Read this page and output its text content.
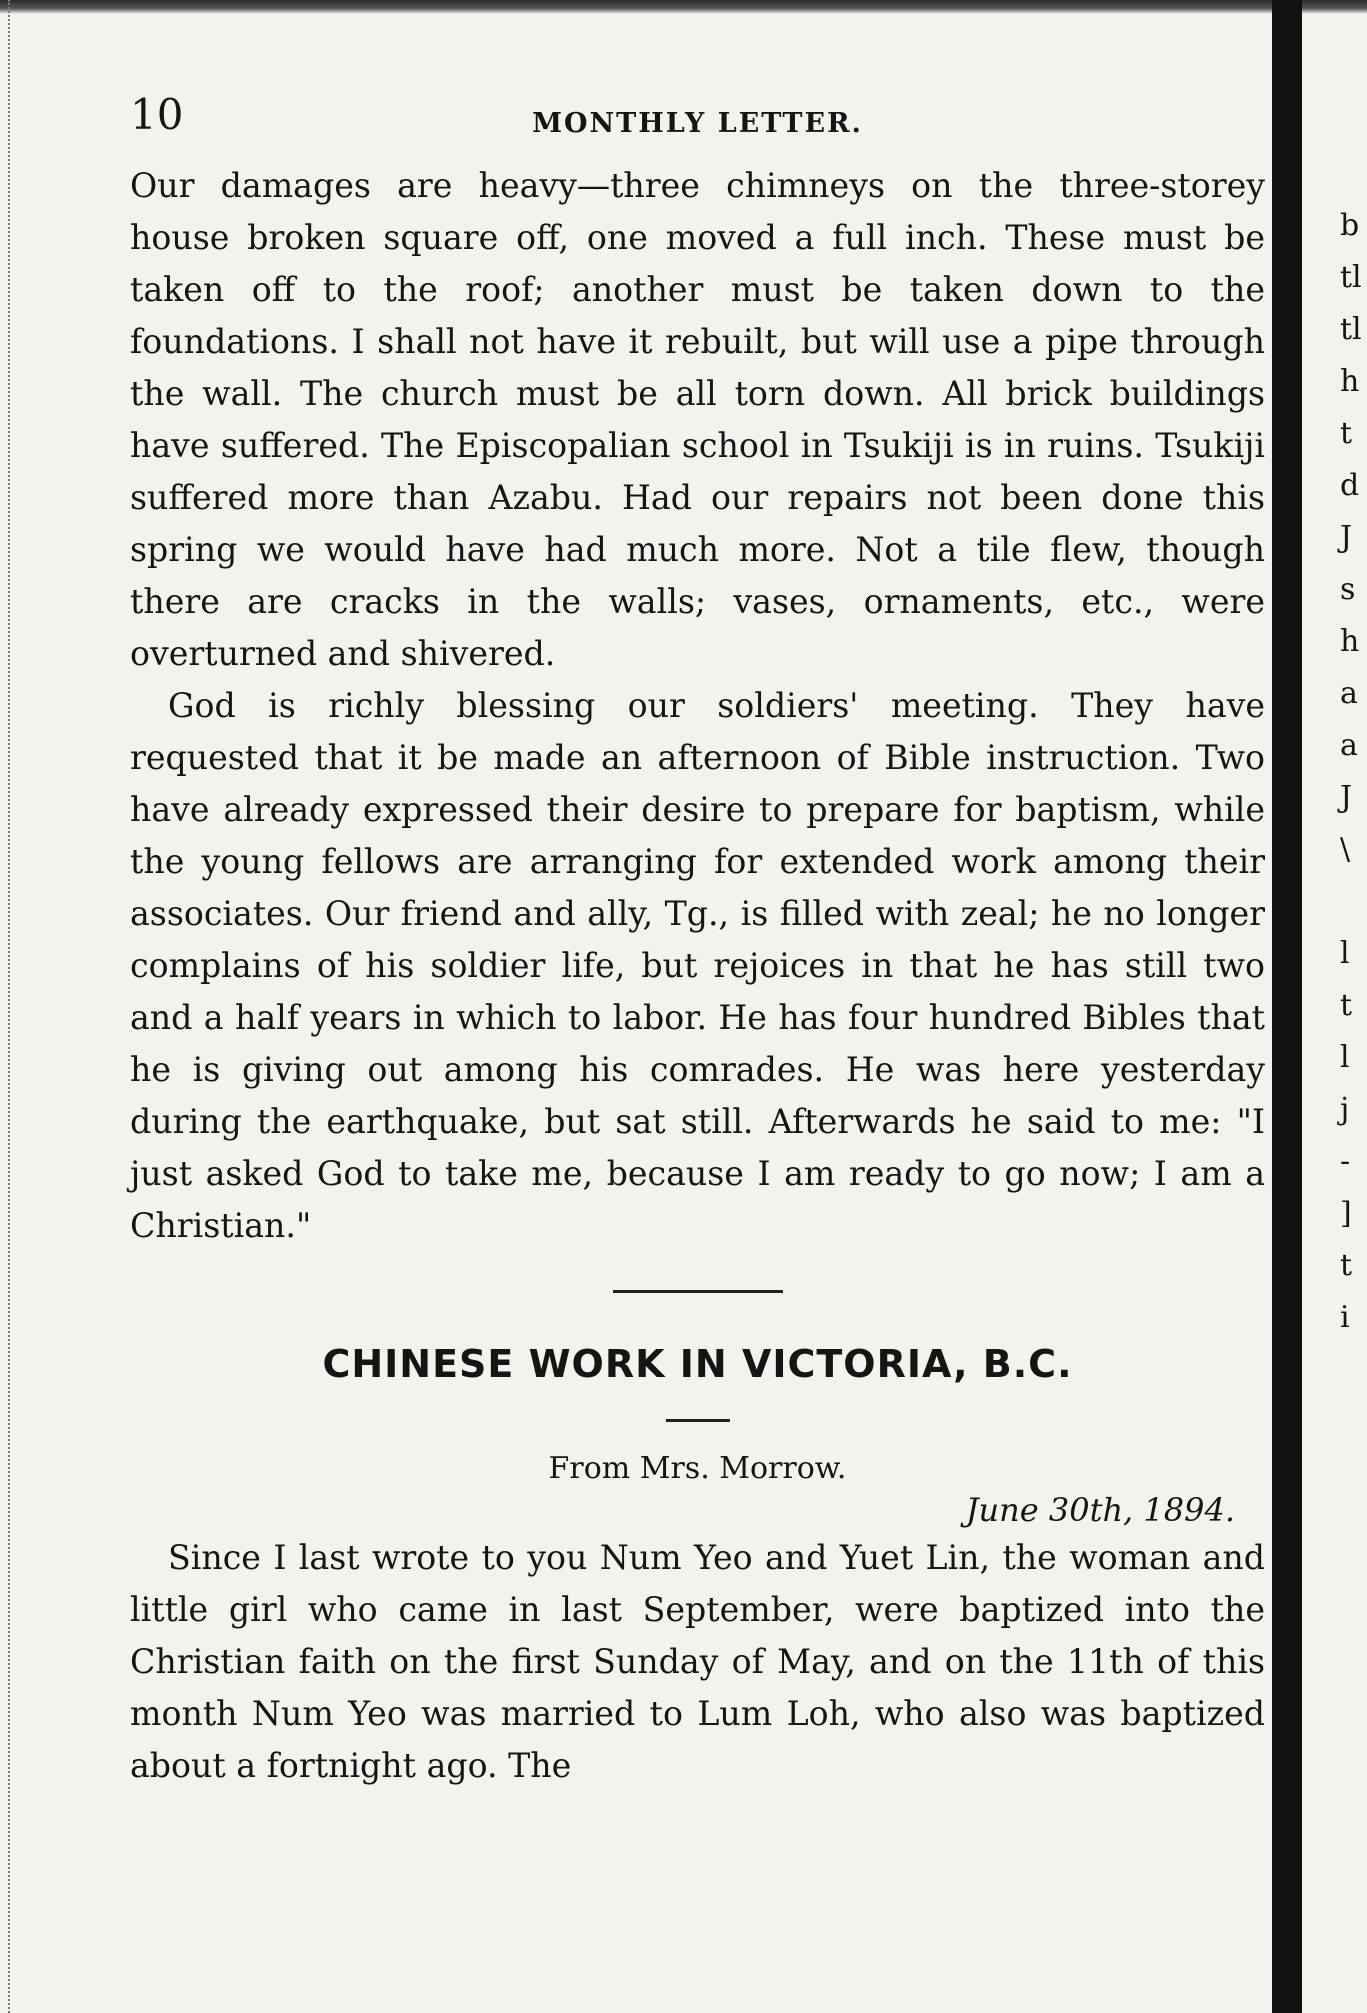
10	MONTHLY LETTER.

Our damages are heavy—three chimneys on the three-storey house broken square off, one moved a full inch. These must be taken off to the roof; another must be taken down to the foundations. I shall not have it rebuilt, but will use a pipe through the wall. The church must be all torn down. All brick buildings have suffered. The Episcopalian school in Tsukiji is in ruins. Tsukiji suffered more than Azabu. Had our repairs not been done this spring we would have had much more. Not a tile flew, though there are cracks in the walls; vases, ornaments, etc., were overturned and shivered.

God is richly blessing our soldiers' meeting. They have requested that it be made an afternoon of Bible instruction. Two have already expressed their desire to prepare for baptism, while the young fellows are arranging for extended work among their associates. Our friend and ally, Tg., is filled with zeal; he no longer complains of his soldier life, but rejoices in that he has still two and a half years in which to labor. He has four hundred Bibles that he is giving out among his comrades. He was here yesterday during the earthquake, but sat still. Afterwards he said to me: "I just asked God to take me, because I am ready to go now; I am a Christian."

CHINESE WORK IN VICTORIA, B.C.

From Mrs. Morrow.

June 30th, 1894.

Since I last wrote to you Num Yeo and Yuet Lin, the woman and little girl who came in last September, were baptized into the Christian faith on the first Sunday of May, and on the 11th of this month Num Yeo was married to Lum Loh, who also was baptized about a fortnight ago. The

b
tl
tl
h
t
d
J
s
h
a
a
J
\
l
t
l
j
-
]
t
i
